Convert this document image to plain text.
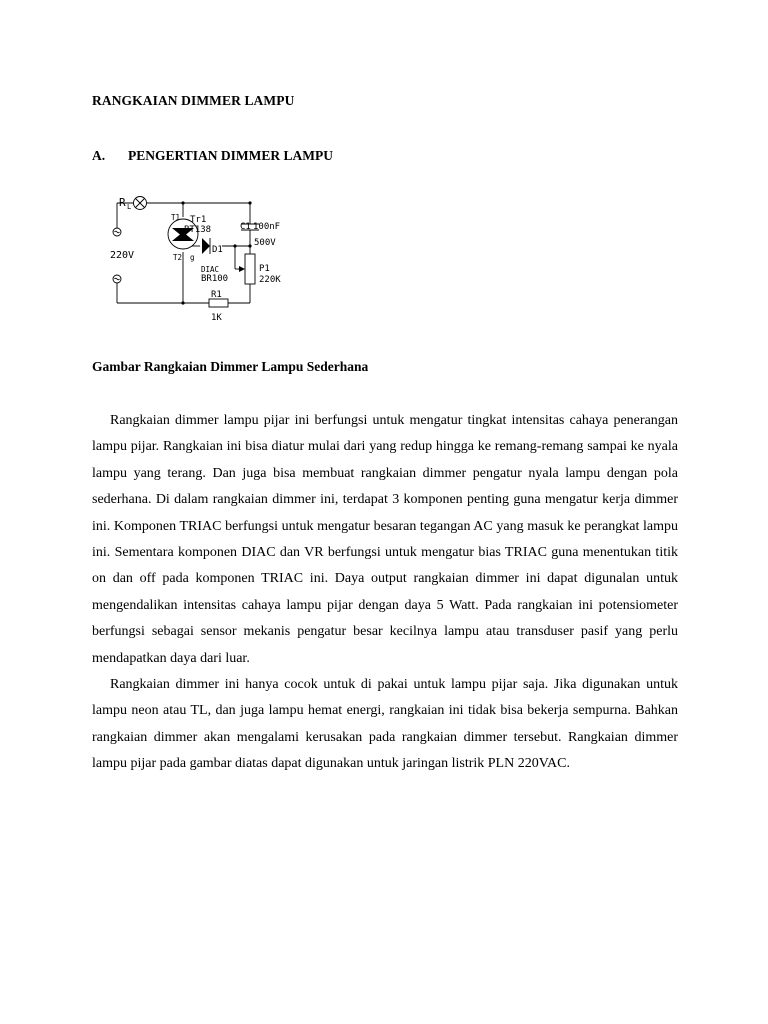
RANGKAIAN DIMMER LAMPU
A. PENGERTIAN DIMMER LAMPU
R L
220V
T1
T2
Tr1
BT138
g
D1
DIAC
BR100
C1 100nF
500V
P1
220K
R1
1K
Gambar Rangkaian Dimmer Lampu Sederhana

Rangkaian dimmer lampu pijar ini berfungsi untuk mengatur tingkat intensitas cahaya penerangan lampu pijar. Rangkaian ini bisa diatur mulai dari yang redup hingga ke remang-remang sampai ke nyala lampu yang terang. Dan juga bisa membuat rangkaian dimmer pengatur nyala lampu dengan pola sederhana. Di dalam rangkaian dimmer ini, terdapat 3 komponen penting guna mengatur kerja dimmer ini. Komponen TRIAC berfungsi untuk mengatur besaran tegangan AC yang masuk ke perangkat lampu ini. Sementara komponen DIAC dan VR berfungsi untuk mengatur bias TRIAC guna menentukan titik on dan off pada komponen TRIAC ini. Daya output rangkaian dimmer ini dapat digunalan untuk mengendalikan intensitas cahaya lampu pijar dengan daya 5 Watt. Pada rangkaian ini potensiometer berfungsi sebagai sensor mekanis pengatur besar kecilnya lampu atau transduser pasif yang perlu mendapatkan daya dari luar.

Rangkaian dimmer ini hanya cocok untuk di pakai untuk lampu pijar saja. Jika digunakan untuk lampu neon atau TL, dan juga lampu hemat energi, rangkaian ini tidak bisa bekerja sempurna. Bahkan rangkaian dimmer akan mengalami kerusakan pada rangkaian dimmer tersebut. Rangkaian dimmer lampu pijar pada gambar diatas dapat digunakan untuk jaringan listrik PLN 220VAC.
